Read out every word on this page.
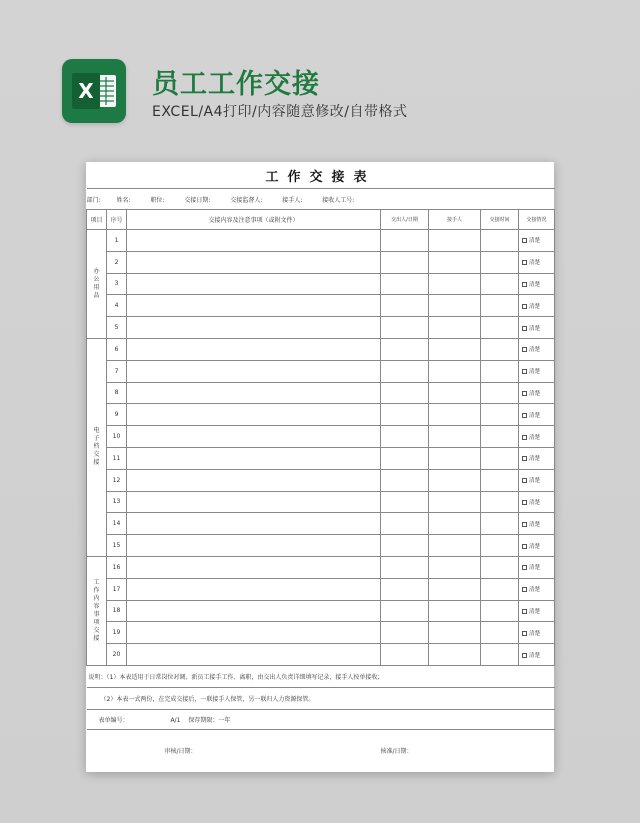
X 员工工作交接
EXCEL/A4打印/内容随意修改/自带格式
工作交接表						
部门: 姓名: 职位: 交接日期: 交接监督人: 接手人: 接收人工号:						
项目	序号	交接内容及注意事项（或附文件）	交出人/日期	接手人	交接时间	交接情况
办公用品	1					清楚
	2					清楚
	3					清楚
	4					清楚
	5					清楚
电子档交接	6					清楚
	7					清楚
	8					清楚
	9					清楚
	10					清楚
	11					清楚
	12					清楚
	13					清楚
	14					清楚
	15					清楚
工作内容事项交接	16					清楚
	17					清楚
	18					清楚
	19					清楚
	20					清楚
说明：（1）本表适用于日常岗位对调、新员工接手工作、离职，由交出人负责详细填写记录，接手人按单接收；						
（2）本表一式两份，在完成交接后，一联接手人保管，另一联归人力资源保管。						
表单编号： A/1 保存期限：一年						
审核/日期：			核准/日期：			
